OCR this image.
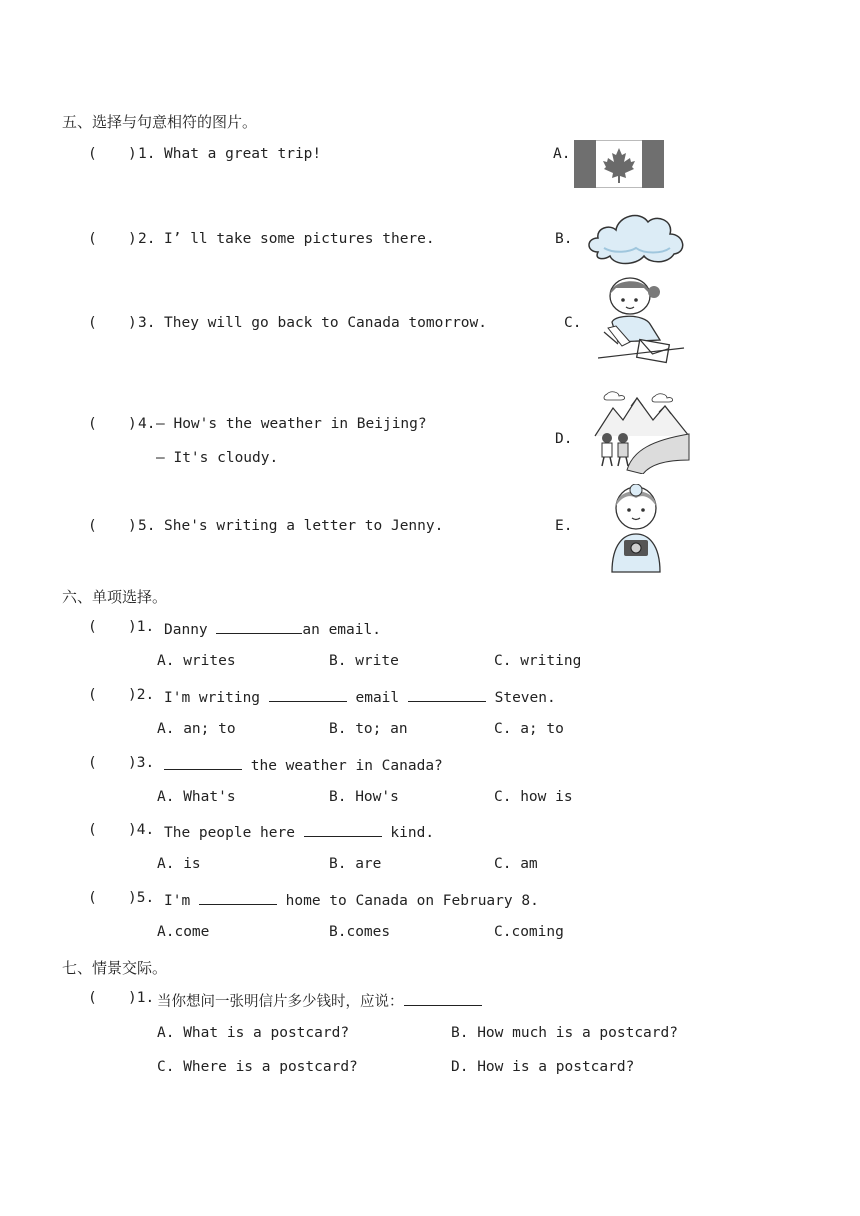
五、选择与句意相符的图片。
( ) 1. What a great trip!
( ) 2. I’ ll take some pictures there.
( ) 3. They will go back to Canada tomorrow.
( ) 4. — How's the weather in Beijing?
— It's cloudy.
( ) 5. She's writing a letter to Jenny.
A.
B.
C.
D.
E.
六、单项选择。
( )1. Danny	an email.
A. writes	B. write	C. writing
( )2. I'm writing	email	Steven.
A. an; to	B. to; an	C. a; to
( )3.	the weather in Canada?
A. What's	B. How's	C. how is
( )4. The people here	kind.
A. is	B. are	C. am
( )5. I'm	home to Canada on February 8.
A.come	B.comes	C.coming
七、情景交际。
( )1. 当你想问一张明信片多少钱时，应说：
A. What is a postcard?	B. How much is a postcard?
C. Where is a postcard?	D. How is a postcard?
